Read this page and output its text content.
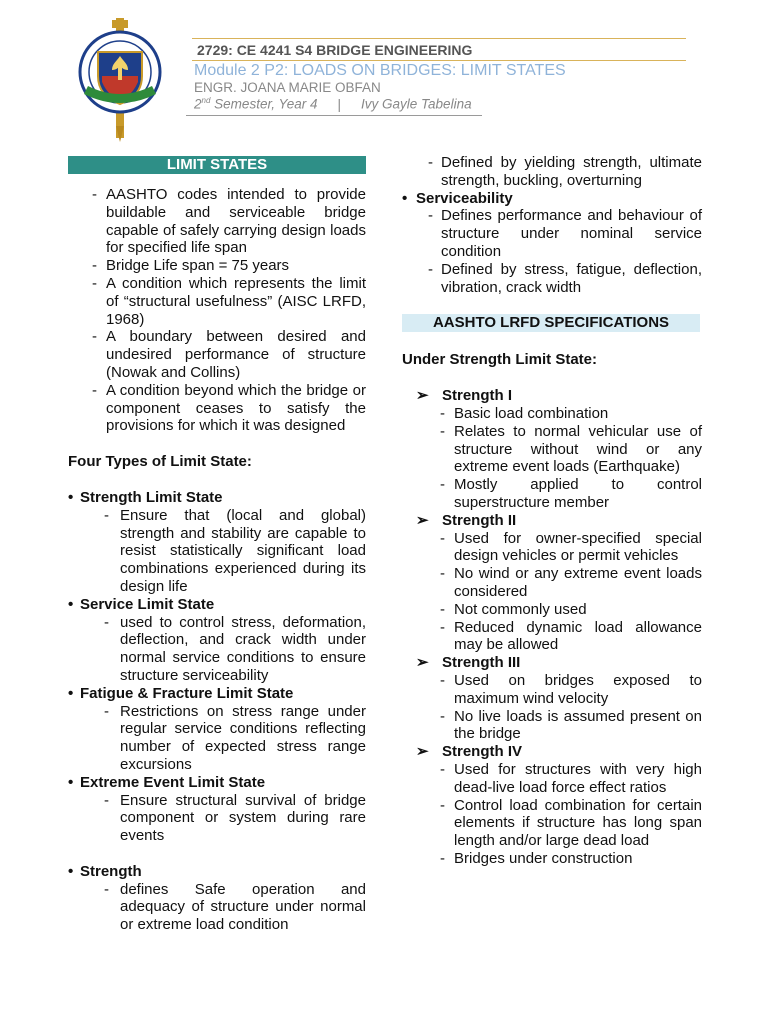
2729: CE 4241 S4 BRIDGE ENGINEERING
Module 2 P2: LOADS ON BRIDGES: LIMIT STATES
ENGR. JOANA MARIE OBFAN
2nd Semester, Year 4 | Ivy Gayle Tabelina
LIMIT STATES
- AASHTO codes intended to provide buildable and serviceable bridge capable of safely carrying design loads for specified life span
- Bridge Life span = 75 years
- A condition which represents the limit of “structural usefulness” (AISC LRFD, 1968)
- A boundary between desired and undesired performance of structure (Nowak and Collins)
- A condition beyond which the bridge or component ceases to satisfy the provisions for which it was designed
Four Types of Limit State:
• Strength Limit State
- Ensure that (local and global) strength and stability are capable to resist statistically significant load combinations experienced during its design life
• Service Limit State
- used to control stress, deformation, deflection, and crack width under normal service conditions to ensure structure serviceability
• Fatigue & Fracture Limit State
- Restrictions on stress range under regular service conditions reflecting number of expected stress range excursions
• Extreme Event Limit State
- Ensure structural survival of bridge component or system during rare events
• Strength
- defines Safe operation and adequacy of structure under normal or extreme load condition
- Defined by yielding strength, ultimate strength, buckling, overturning
• Serviceability
- Defines performance and behaviour of structure under nominal service condition
- Defined by stress, fatigue, deflection, vibration, crack width
AASHTO LRFD SPECIFICATIONS
Under Strength Limit State:
➢ Strength I
- Basic load combination
- Relates to normal vehicular use of structure without wind or any extreme event loads (Earthquake)
- Mostly applied to control superstructure member
➢ Strength II
- Used for owner-specified special design vehicles or permit vehicles
- No wind or any extreme event loads considered
- Not commonly used
- Reduced dynamic load allowance may be allowed
➢ Strength III
- Used on bridges exposed to maximum wind velocity
- No live loads is assumed present on the bridge
➢ Strength IV
- Used for structures with very high dead-live load force effect ratios
- Control load combination for certain elements if structure has long span length and/or large dead load
- Bridges under construction
